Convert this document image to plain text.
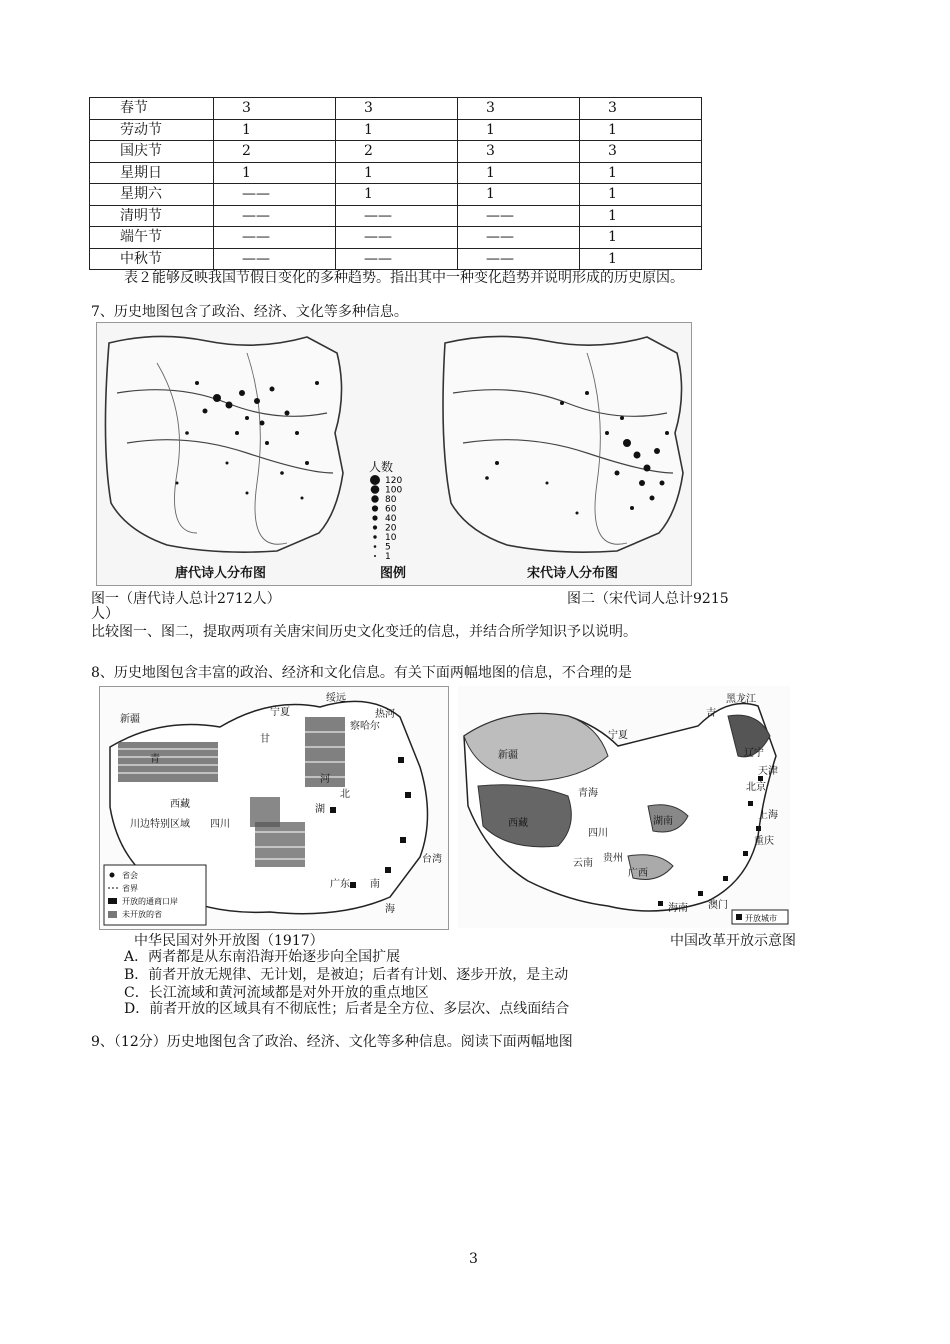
春节	3	3	3	3
劳动节	1	1	1	1
国庆节	2	2	3	3
星期日	1	1	1	1
星期六	——	1	1	1
清明节	——	——	——	1
端午节	——	——	——	1
中秋节	——	——	——	1
表２能够反映我国节假日变化的多种趋势。指出其中一种变化趋势并说明形成的历史原因。
7、历史地图包含了政治、经济、文化等多种信息。
人数
120
100
80
60
40
20
10
5
1
唐代诗人分布图	图例	宋代诗人分布图
图一（唐代诗人总计2712人）	图二（宋代词人总计9215
人）
比较图一、图二，提取两项有关唐宋间历史文化变迁的信息，并结合所学知识予以说明。
8、历史地图包含丰富的政治、经济和文化信息。有关下面两幅地图的信息，不合理的是
绥远
察哈尔
热河
宁夏
甘
青
新疆
西藏
川边特别区域 四川
河
湖
北
广东 南
海
台湾
省会
省界
开放的通商口岸
未开放的省
黑龙江
吉
辽宁
天津
北京
上海
重庆
新疆
西藏
青海
宁夏
四川
广西
云南
湖南
贵州
海南 澳门
开放城市
中华民国对外开放图（1917）	中国改革开放示意图
A．两者都是从东南沿海开始逐步向全国扩展
B．前者开放无规律、无计划，是被迫；后者有计划、逐步开放，是主动
C．长江流域和黄河流域都是对外开放的重点地区
D．前者开放的区域具有不彻底性；后者是全方位、多层次、点线面结合
9、（12分）历史地图包含了政治、经济、文化等多种信息。阅读下面两幅地图
3
